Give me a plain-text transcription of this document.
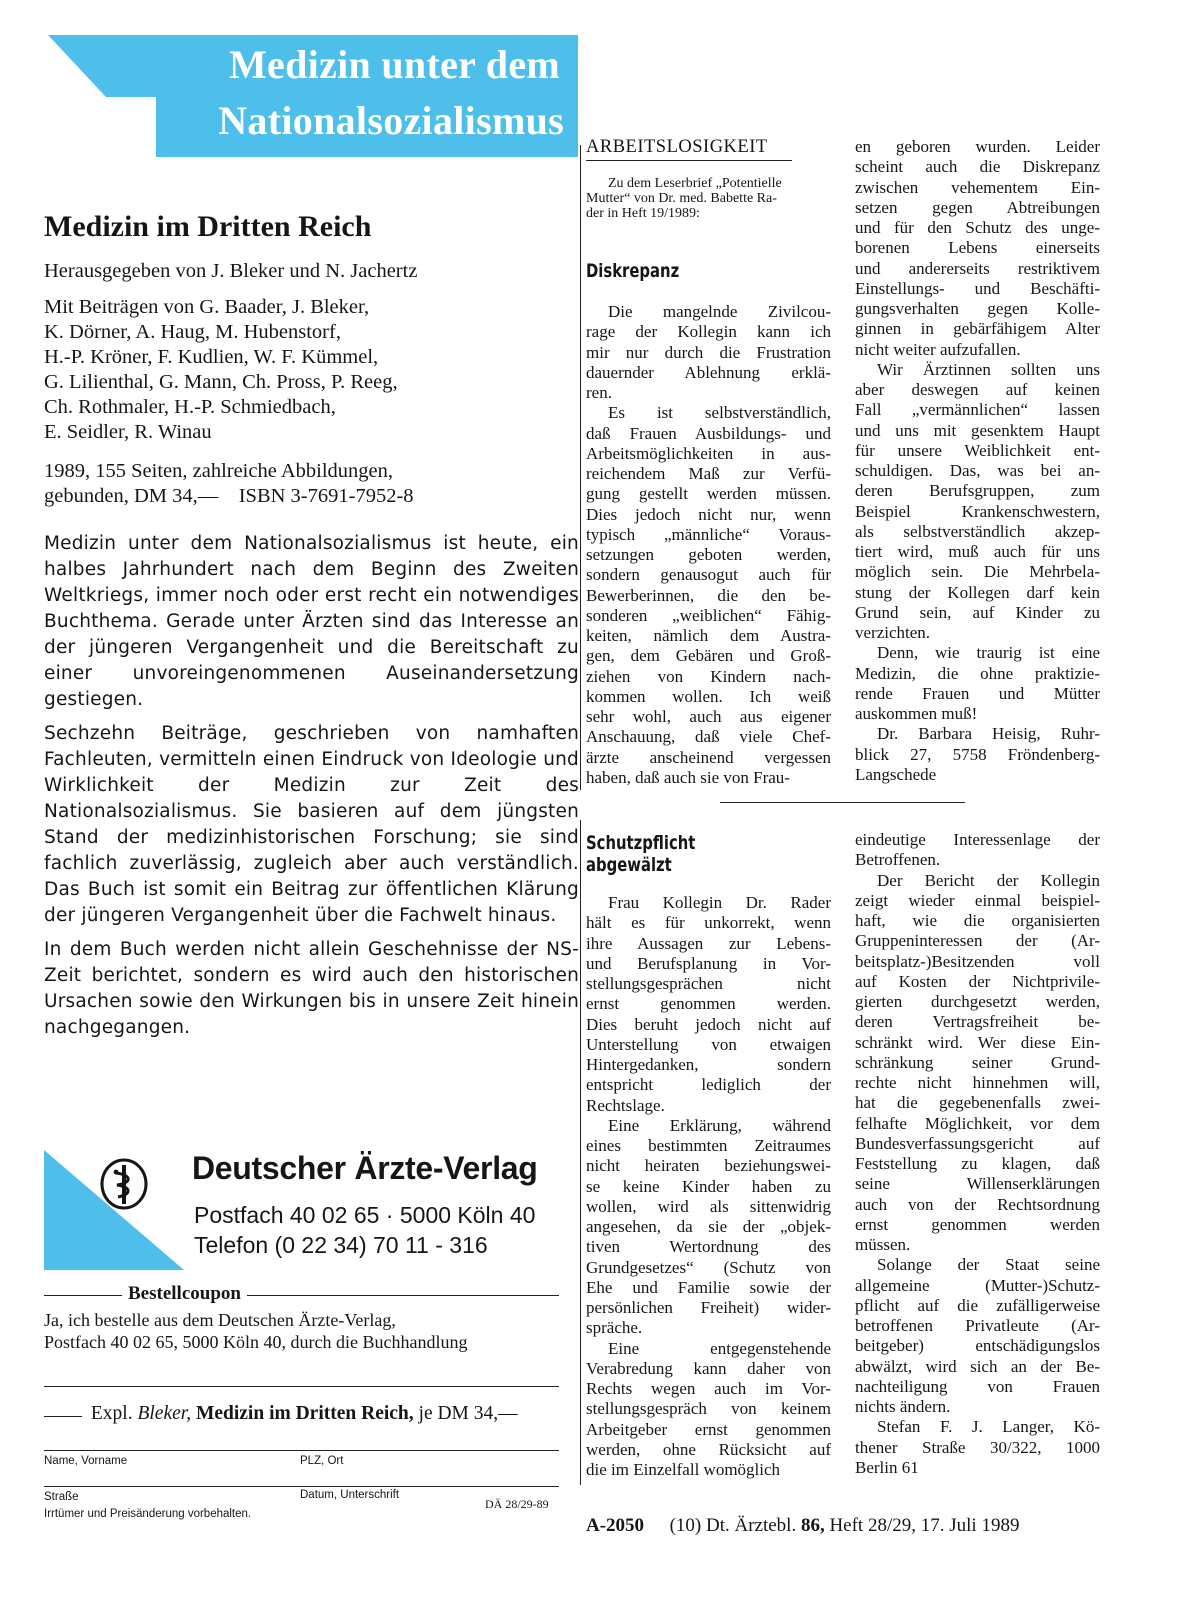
Medizin unter dem
Nationalsozialismus
Medizin im Dritten Reich
Herausgegeben von J. Bleker und N. Jachertz
Mit Beiträgen von G. Baader, J. Bleker,
K. Dörner, A. Haug, M. Hubenstorf,
H.-P. Kröner, F. Kudlien, W. F. Kümmel,
G. Lilienthal, G. Mann, Ch. Pross, P. Reeg,
Ch. Rothmaler, H.-P. Schmiedbach,
E. Seidler, R. Winau
1989, 155 Seiten, zahlreiche Abbildungen,
gebunden, DM 34,—    ISBN 3-7691-7952-8

Medizin unter dem Nationalsozialismus ist heute, ein halbes Jahrhundert nach dem Beginn des Zweiten Weltkriegs, immer noch oder erst recht ein notwendiges Buchthema. Gerade unter Ärzten sind das Interesse an der jüngeren Vergangenheit und die Bereitschaft zu einer unvoreingenommenen Auseinandersetzung gestiegen.

Sechzehn Beiträge, geschrieben von namhaften Fachleuten, vermitteln einen Eindruck von Ideologie und Wirklichkeit der Medizin zur Zeit des Nationalsozialismus. Sie basieren auf dem jüngsten Stand der medizinhistorischen Forschung; sie sind fachlich zuverlässig, zugleich aber auch verständlich. Das Buch ist somit ein Beitrag zur öffentlichen Klärung der jüngeren Vergangenheit über die Fachwelt hinaus.

In dem Buch werden nicht allein Geschehnisse der NS-Zeit berichtet, sondern es wird auch den historischen Ursachen sowie den Wirkungen bis in unsere Zeit hinein nachgegangen.

Deutscher Ärzte-Verlag
Postfach 40 02 65 · 5000 Köln 40
Telefon (0 22 34) 70 11 - 316
Bestellcoupon
Ja, ich bestelle aus dem Deutschen Ärzte-Verlag,
Postfach 40 02 65, 5000 Köln 40, durch die Buchhandlung
Expl. Bleker, Medizin im Dritten Reich, je DM 34,—
Name, Vorname	PLZ, Ort
Straße	Datum, Unterschrift
DÄ 28/29-89
Irrtümer und Preisänderung vorbehalten.
ARBEITSLOSIGKEIT
Zu dem Leserbrief „Potentielle
Mutter“ von Dr. med. Babette Ra-
der in Heft 19/1989:
Diskrepanz
Die mangelnde Zivilcou-
rage der Kollegin kann ich
mir nur durch die Frustration
dauernder Ablehnung erklä-
ren.
Es ist selbstverständlich,
daß Frauen Ausbildungs- und
Arbeitsmöglichkeiten in aus-
reichendem Maß zur Verfü-
gung gestellt werden müssen.
Dies jedoch nicht nur, wenn
typisch „männliche“ Voraus-
setzungen geboten werden,
sondern genausogut auch für
Bewerberinnen, die den be-
sonderen „weiblichen“ Fähig-
keiten, nämlich dem Austra-
gen, dem Gebären und Groß-
ziehen von Kindern nach-
kommen wollen. Ich weiß
sehr wohl, auch aus eigener
Anschauung, daß viele Chef-
ärzte anscheinend vergessen
haben, daß auch sie von Frau-
en geboren wurden. Leider
scheint auch die Diskrepanz
zwischen vehementem Ein-
setzen gegen Abtreibungen
und für den Schutz des unge-
borenen Lebens einerseits
und andererseits restriktivem
Einstellungs- und Beschäfti-
gungsverhalten gegen Kolle-
ginnen in gebärfähigem Alter
nicht weiter aufzufallen.
Wir Ärztinnen sollten uns
aber deswegen auf keinen
Fall „vermännlichen“ lassen
und uns mit gesenktem Haupt
für unsere Weiblichkeit ent-
schuldigen. Das, was bei an-
deren Berufsgruppen, zum
Beispiel Krankenschwestern,
als selbstverständlich akzep-
tiert wird, muß auch für uns
möglich sein. Die Mehrbela-
stung der Kollegen darf kein
Grund sein, auf Kinder zu
verzichten.
Denn, wie traurig ist eine
Medizin, die ohne praktizie-
rende Frauen und Mütter
auskommen muß!
Dr. Barbara Heisig, Ruhr-
blick 27, 5758 Fröndenberg-
Langschede
Schutzpflicht
abgewälzt
Frau Kollegin Dr. Rader
hält es für unkorrekt, wenn
ihre Aussagen zur Lebens-
und Berufsplanung in Vor-
stellungsgesprächen nicht
ernst genommen werden.
Dies beruht jedoch nicht auf
Unterstellung von etwaigen
Hintergedanken, sondern
entspricht lediglich der
Rechtslage.
Eine Erklärung, während
eines bestimmten Zeitraumes
nicht heiraten beziehungswei-
se keine Kinder haben zu
wollen, wird als sittenwidrig
angesehen, da sie der „objek-
tiven Wertordnung des
Grundgesetzes“ (Schutz von
Ehe und Familie sowie der
persönlichen Freiheit) wider-
spräche.
Eine entgegenstehende
Verabredung kann daher von
Rechts wegen auch im Vor-
stellungsgespräch von keinem
Arbeitgeber ernst genommen
werden, ohne Rücksicht auf
die im Einzelfall womöglich
eindeutige Interessenlage der
Betroffenen.
Der Bericht der Kollegin
zeigt wieder einmal beispiel-
haft, wie die organisierten
Gruppeninteressen der (Ar-
beitsplatz-)Besitzenden voll
auf Kosten der Nichtprivile-
gierten durchgesetzt werden,
deren Vertragsfreiheit be-
schränkt wird. Wer diese Ein-
schränkung seiner Grund-
rechte nicht hinnehmen will,
hat die gegebenenfalls zwei-
felhafte Möglichkeit, vor dem
Bundesverfassungsgericht auf
Feststellung zu klagen, daß
seine Willenserklärungen
auch von der Rechtsordnung
ernst genommen werden
müssen.
Solange der Staat seine
allgemeine (Mutter-)Schutz-
pflicht auf die zufälligerweise
betroffenen Privatleute (Ar-
beitgeber) entschädigungslos
abwälzt, wird sich an der Be-
nachteiligung von Frauen
nichts ändern.
Stefan F. J. Langer, Kö-
thener Straße 30/322, 1000
Berlin 61
A-2050 (10) Dt. Ärztebl. 86, Heft 28/29, 17. Juli 1989
